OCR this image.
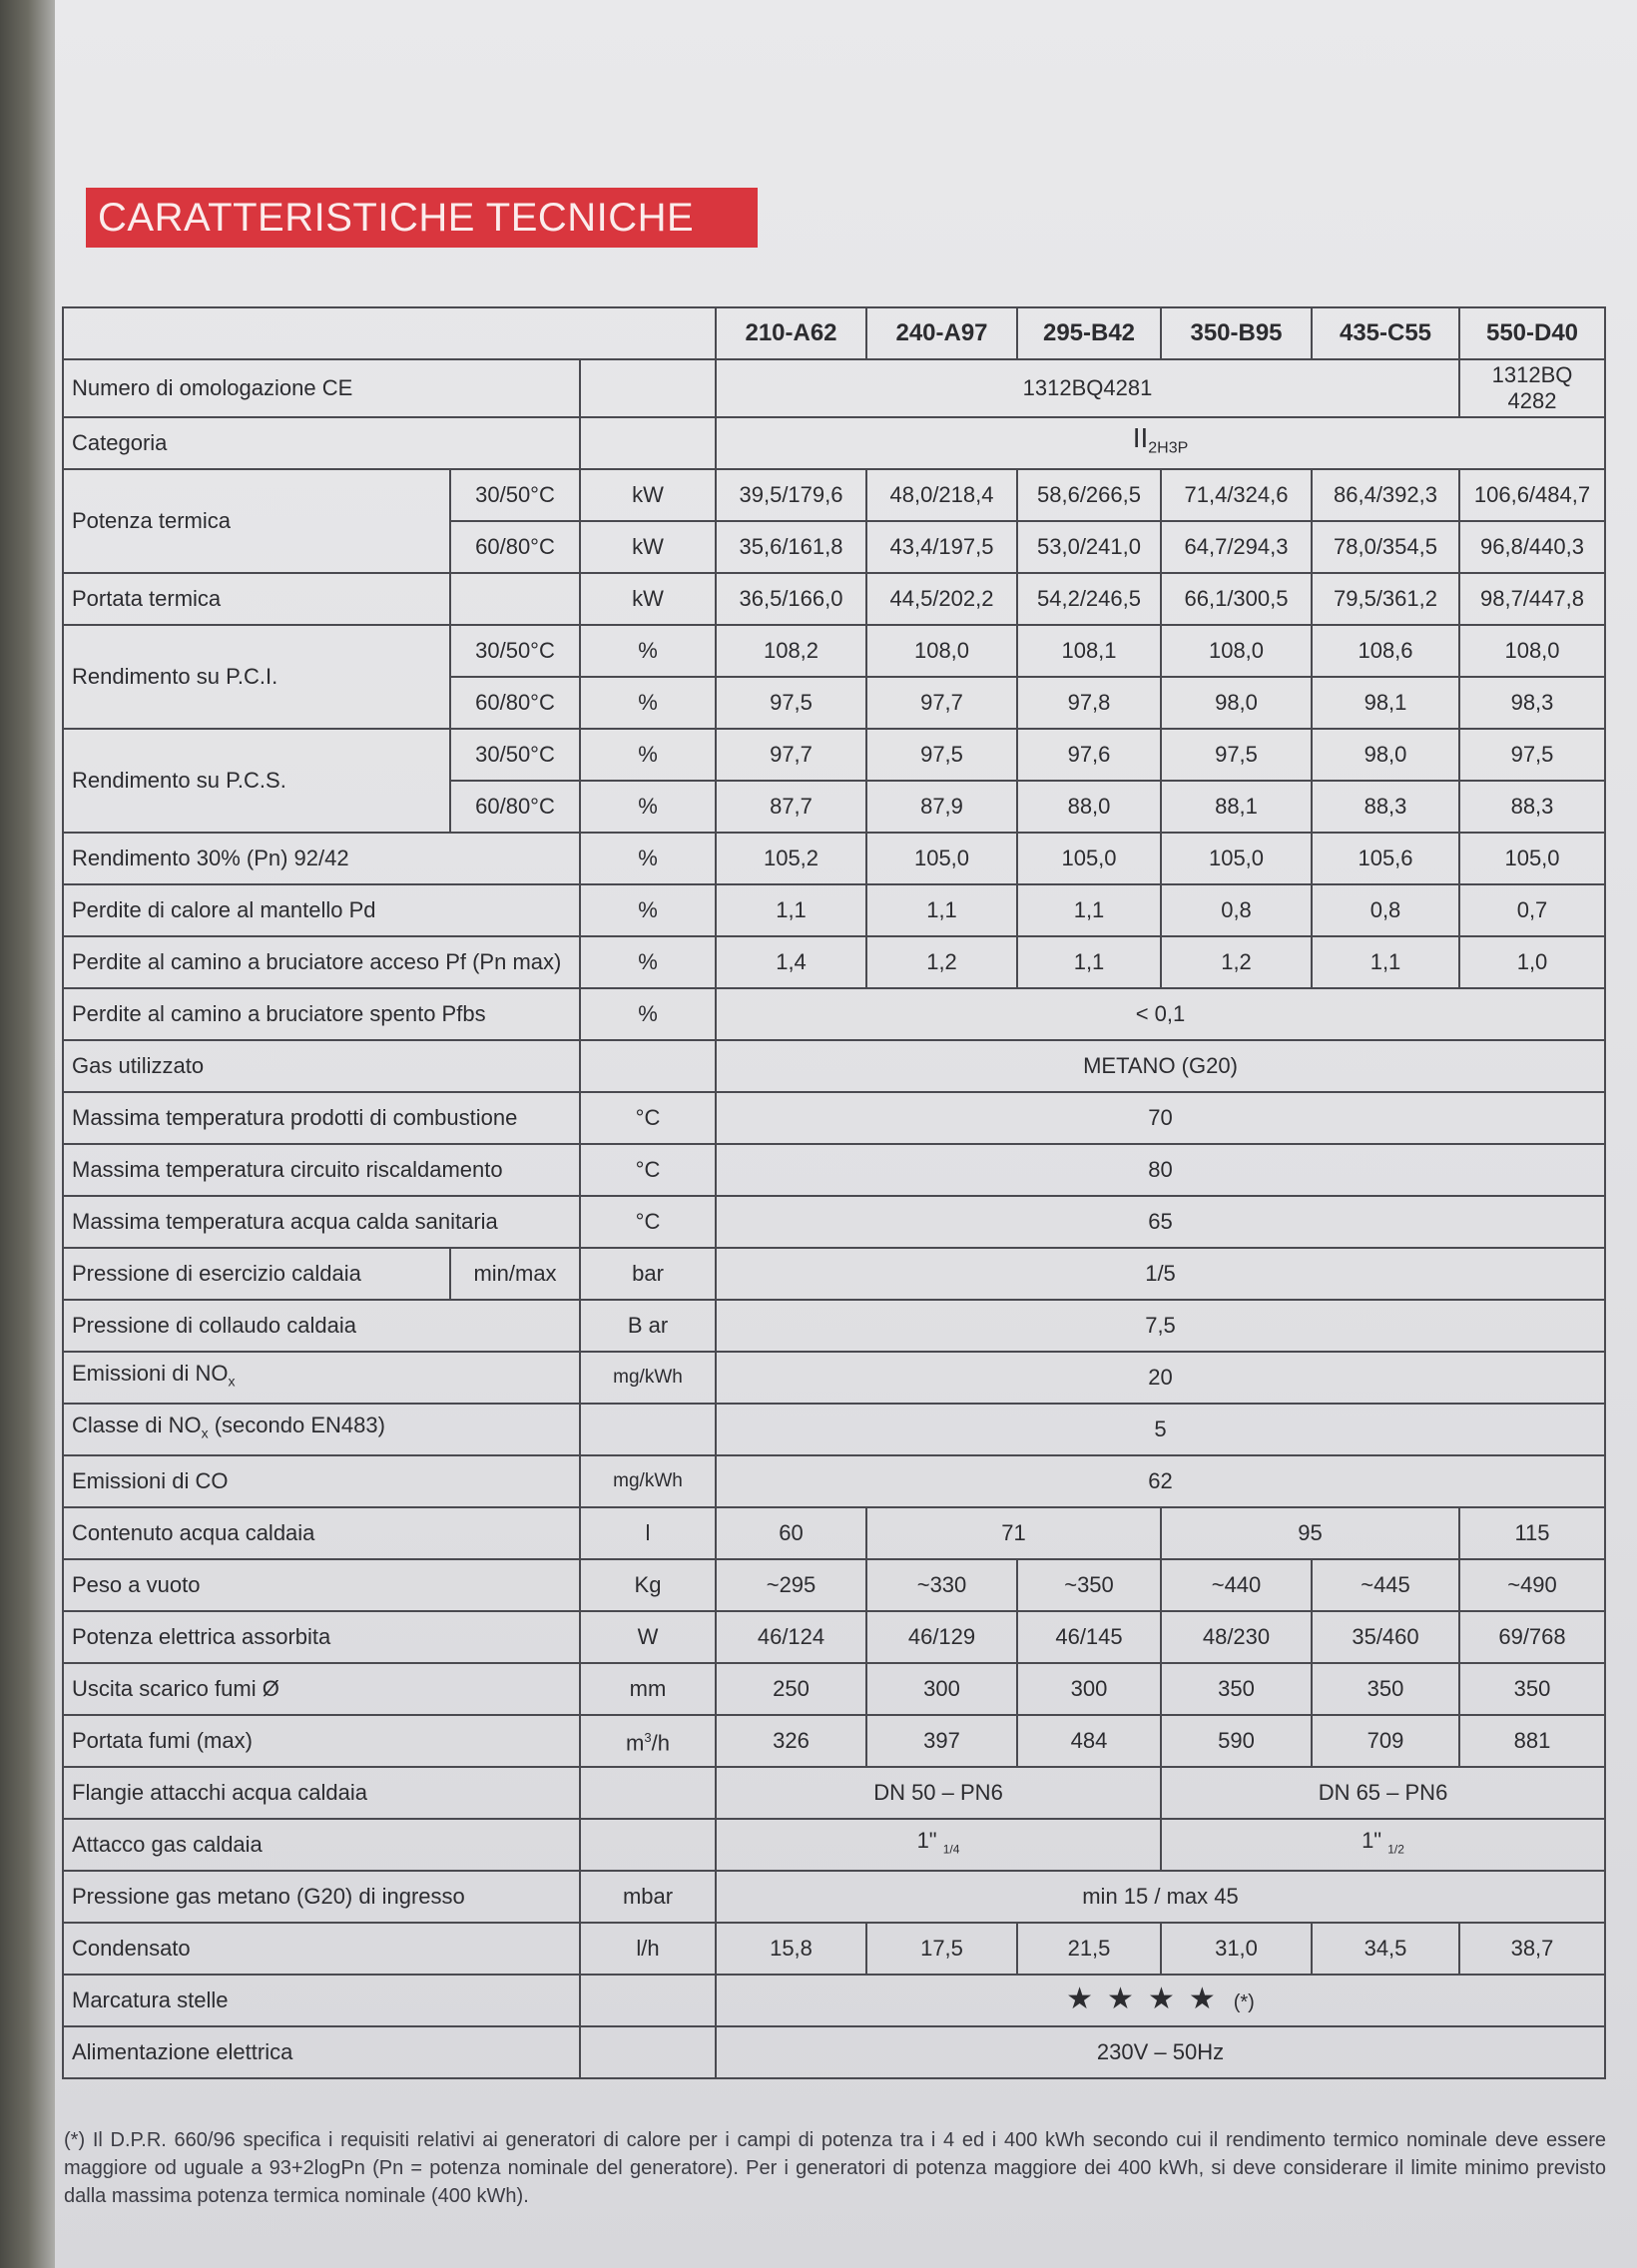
CARATTERISTICHE TECNICHE
			210-A62	240-A97	295-B42	350-B95	435-C55	550-D40
Numero di omologazione CE			1312BQ4281					1312BQ 4282
Categoria			$II_{2H3P}$
Potenza termica	30/50°C	kW	39,5/179,6	48,0/218,4	58,6/266,5	71,4/324,6	86,4/392,3	106,6/484,7
	60/80°C	kW	35,6/161,8	43,4/197,5	53,0/241,0	64,7/294,3	78,0/354,5	96,8/440,3
Portata termica		kW	36,5/166,0	44,5/202,2	54,2/246,5	66,1/300,5	79,5/361,2	98,7/447,8
Rendimento su P.C.I.	30/50°C	%	108,2	108,0	108,1	108,0	108,6	108,0
	60/80°C	%	97,5	97,7	97,8	98,0	98,1	98,3
Rendimento su P.C.S.	30/50°C	%	97,7	97,5	97,6	97,5	98,0	97,5
	60/80°C	%	87,7	87,9	88,0	88,1	88,3	88,3
Rendimento 30% (Pn) 92/42		%	105,2	105,0	105,0	105,0	105,6	105,0
Perdite di calore al mantello Pd		%	1,1	1,1	1,1	0,8	0,8	0,7
Perdite al camino a bruciatore acceso Pf (Pn max)		%	1,4	1,2	1,1	1,2	1,1	1,0
Perdite al camino a bruciatore spento Pfbs		%	< 0,1					
Gas utilizzato			METANO (G20)					
Massima temperatura prodotti di combustione		°C	70					
Massima temperatura circuito riscaldamento		°C	80					
Massima temperatura acqua calda sanitaria		°C	65					
Pressione di esercizio caldaia	min/max	bar	1/5					
Pressione di collaudo caldaia		B ar	7,5					
Emissioni di $NO_x$		mg/kWh	20					
Classe di $NO_x$ (secondo EN483)			5					
Emissioni di CO		mg/kWh	62					
Contenuto acqua caldaia		l	60	71		95		115
Peso a vuoto		Kg	~295	~330	~350	~440	~445	~490
Potenza elettrica assorbita		W	46/124	46/129	46/145	48/230	35/460	69/768
Uscita scarico fumi Ø		mm	250	300	300	350	350	350
Portata fumi (max)		$m^3/h$	326	397	484	590	709	881
Flangie attacchi acqua caldaia			DN 50 – PN6			DN 65 – PN6		
Attacco gas caldaia			1" $_{1/4}$			1" $_{1/2}$
Pressione gas metano (G20) di ingresso		mbar	min 15 / max 45					
Condensato		l/h	15,8	17,5	21,5	31,0	34,5	38,7
Marcatura stelle			★★★★ (*)					
Alimentazione elettrica			230V – 50Hz					
(*) Il D.P.R. 660/96 specifica i requisiti relativi ai generatori di calore per i campi di potenza tra i 4 ed i 400 kWh secondo cui il rendimento termico nominale deve essere maggiore od uguale a 93+2logPn (Pn = potenza nominale del generatore). Per i generatori di potenza maggiore dei 400 kWh, si deve considerare il limite minimo previsto dalla massima potenza termica nominale (400 kWh).
